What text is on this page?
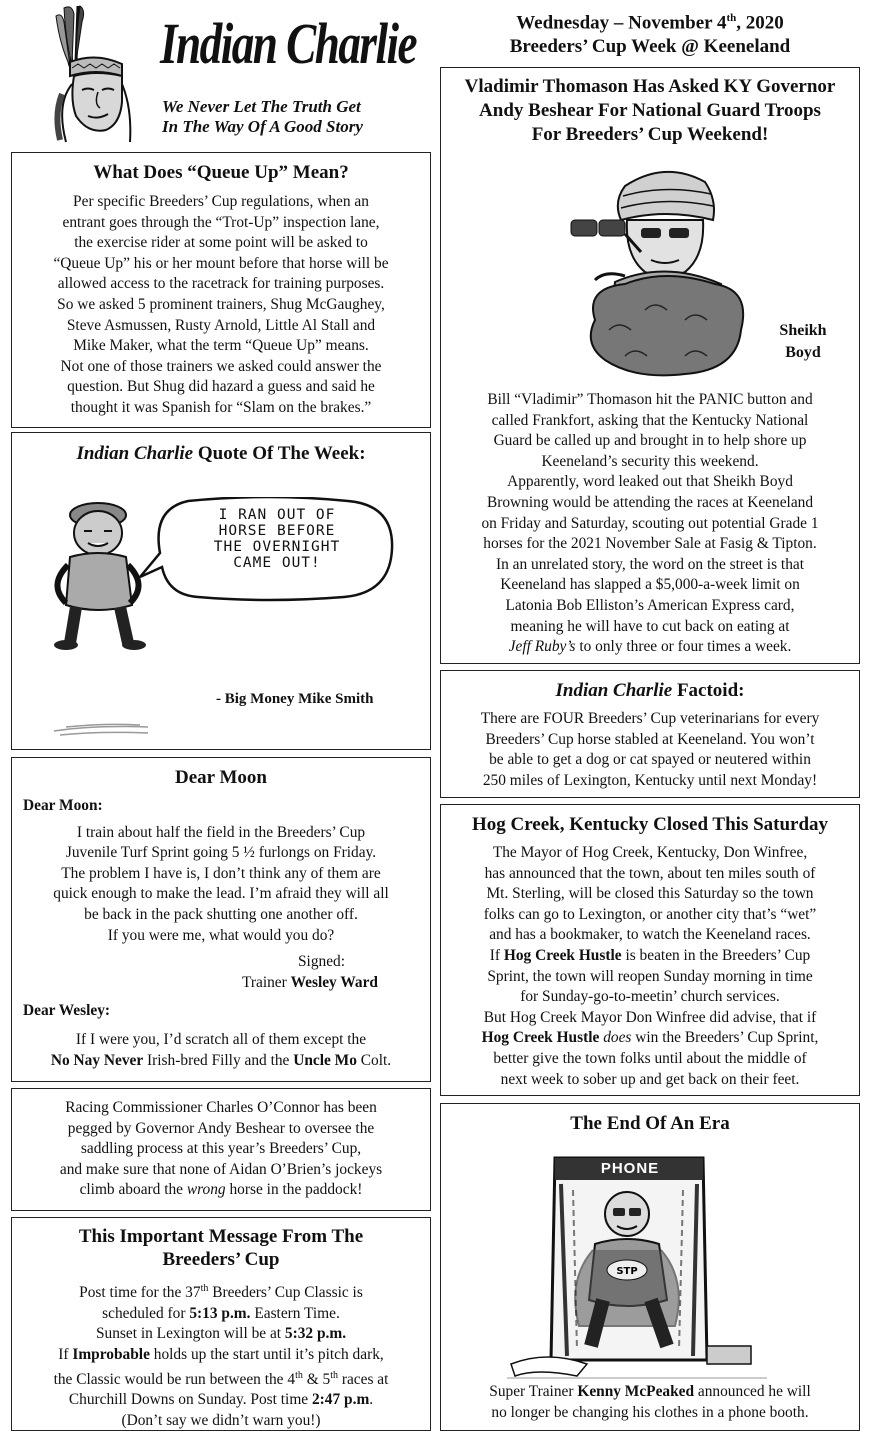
Indian Charlie
We Never Let The Truth Get
In The Way Of A Good Story
Wednesday – November 4th, 2020
Breeders’ Cup Week @ Keeneland
What Does “Queue Up” Mean?
Per specific Breeders’ Cup regulations, when an
entrant goes through the “Trot-Up” inspection lane,
the exercise rider at some point will be asked to
“Queue Up” his or her mount before that horse will be
allowed access to the racetrack for training purposes.
So we asked 5 prominent trainers, Shug McGaughey,
Steve Asmussen, Rusty Arnold, Little Al Stall and
Mike Maker, what the term “Queue Up” means.
Not one of those trainers we asked could answer the
question. But Shug did hazard a guess and said he
thought it was Spanish for “Slam on the brakes.”
Indian Charlie Quote Of The Week:
I RAN OUT OF
HORSE BEFORE
THE OVERNIGHT
CAME OUT!
- Big Money Mike Smith
Dear Moon
Dear Moon:
I train about half the field in the Breeders’ Cup
Juvenile Turf Sprint going 5 ½ furlongs on Friday.
The problem I have is, I don’t think any of them are
quick enough to make the lead. I’m afraid they will all
be back in the pack shutting one another off.
If you were me, what would you do?
Signed:
Trainer Wesley Ward
Dear Wesley:
If I were you, I’d scratch all of them except the
No Nay Never Irish-bred Filly and the Uncle Mo Colt.
Racing Commissioner Charles O’Connor has been
pegged by Governor Andy Beshear to oversee the
saddling process at this year’s Breeders’ Cup,
and make sure that none of Aidan O’Brien’s jockeys
climb aboard the wrong horse in the paddock!
This Important Message From The
Breeders’ Cup
Post time for the 37th Breeders’ Cup Classic is
scheduled for 5:13 p.m. Eastern Time.
Sunset in Lexington will be at 5:32 p.m.
If Improbable holds up the start until it’s pitch dark,
the Classic would be run between the 4th & 5th races at
Churchill Downs on Sunday. Post time 2:47 p.m.
(Don’t say we didn’t warn you!)
Vladimir Thomason Has Asked KY Governor
Andy Beshear For National Guard Troops
For Breeders’ Cup Weekend!
Sheikh
Boyd
Bill “Vladimir” Thomason hit the PANIC button and
called Frankfort, asking that the Kentucky National
Guard be called up and brought in to help shore up
Keeneland’s security this weekend.
Apparently, word leaked out that Sheikh Boyd
Browning would be attending the races at Keeneland
on Friday and Saturday, scouting out potential Grade 1
horses for the 2021 November Sale at Fasig & Tipton.
In an unrelated story, the word on the street is that
Keeneland has slapped a $5,000-a-week limit on
Latonia Bob Elliston’s American Express card,
meaning he will have to cut back on eating at
Jeff Ruby’s to only three or four times a week.
Indian Charlie Factoid:
There are FOUR Breeders’ Cup veterinarians for every
Breeders’ Cup horse stabled at Keeneland. You won’t
be able to get a dog or cat spayed or neutered within
250 miles of Lexington, Kentucky until next Monday!
Hog Creek, Kentucky Closed This Saturday
The Mayor of Hog Creek, Kentucky, Don Winfree,
has announced that the town, about ten miles south of
Mt. Sterling, will be closed this Saturday so the town
folks can go to Lexington, or another city that’s “wet”
and has a bookmaker, to watch the Keeneland races.
If Hog Creek Hustle is beaten in the Breeders’ Cup
Sprint, the town will reopen Sunday morning in time
for Sunday-go-to-meetin’ church services.
But Hog Creek Mayor Don Winfree did advise, that if
Hog Creek Hustle does win the Breeders’ Cup Sprint,
better give the town folks until about the middle of
next week to sober up and get back on their feet.
The End Of An Era
STP
PHONE
Super Trainer Kenny McPeaked announced he will
no longer be changing his clothes in a phone booth.
